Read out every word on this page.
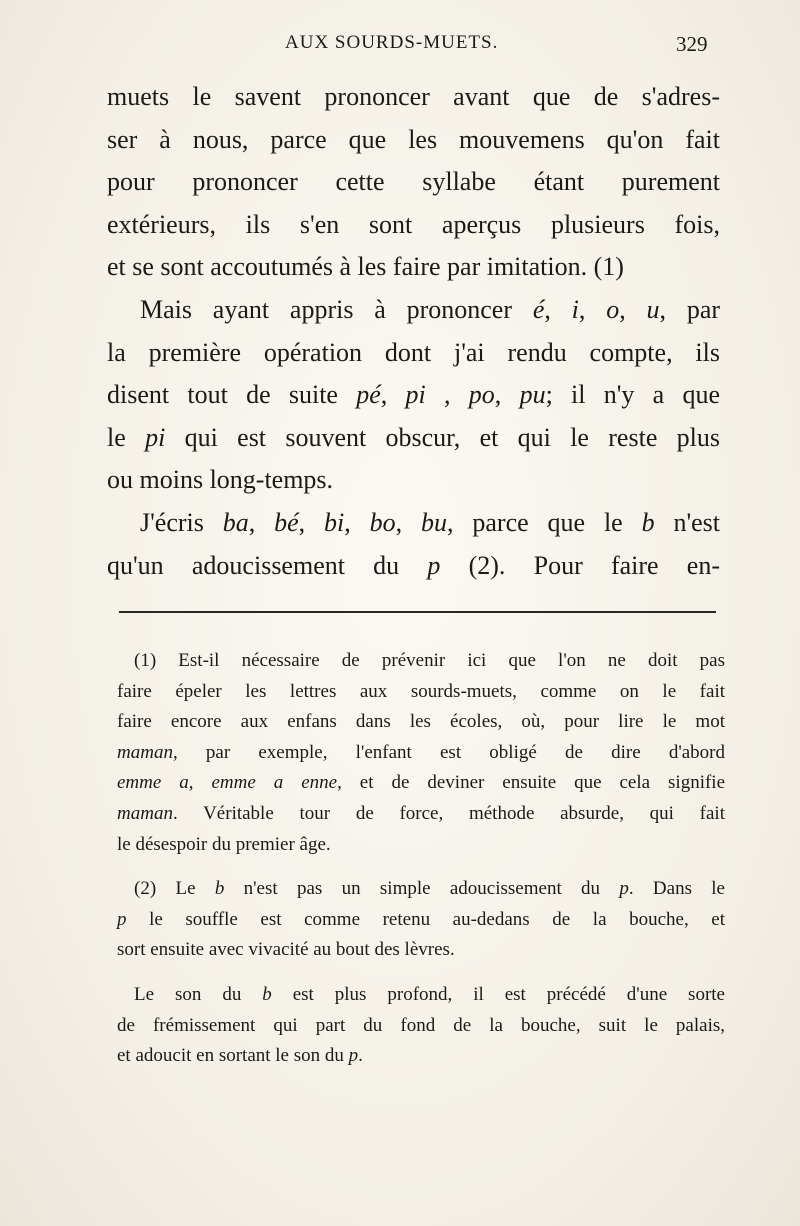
AUX SOURDS-MUETS.	329
muets le savent prononcer avant que de s'adres-
ser à nous, parce que les mouvemens qu'on fait
pour prononcer cette syllabe étant purement
extérieurs, ils s'en sont aperçus plusieurs fois,
et se sont accoutumés à les faire par imitation. (1)
Mais ayant appris à prononcer é, i, o, u, par
la première opération dont j'ai rendu compte, ils
disent tout de suite pé, pi , po, pu; il n'y a que
le pi qui est souvent obscur, et qui le reste plus
ou moins long-temps.
J'écris ba, bé, bi, bo, bu, parce que le b n'est
qu'un adoucissement du p (2). Pour faire en-
(1) Est-il nécessaire de prévenir ici que l'on ne doit pas
faire épeler les lettres aux sourds-muets, comme on le fait
faire encore aux enfans dans les écoles, où, pour lire le mot
maman, par exemple, l'enfant est obligé de dire d'abord
emme a, emme a enne, et de deviner ensuite que cela signifie
maman. Véritable tour de force, méthode absurde, qui fait
le désespoir du premier âge.
(2) Le b n'est pas un simple adoucissement du p. Dans le
p le souffle est comme retenu au-dedans de la bouche, et
sort ensuite avec vivacité au bout des lèvres.
Le son du b est plus profond, il est précédé d'une sorte
de frémissement qui part du fond de la bouche, suit le palais,
et adoucit en sortant le son du p.
